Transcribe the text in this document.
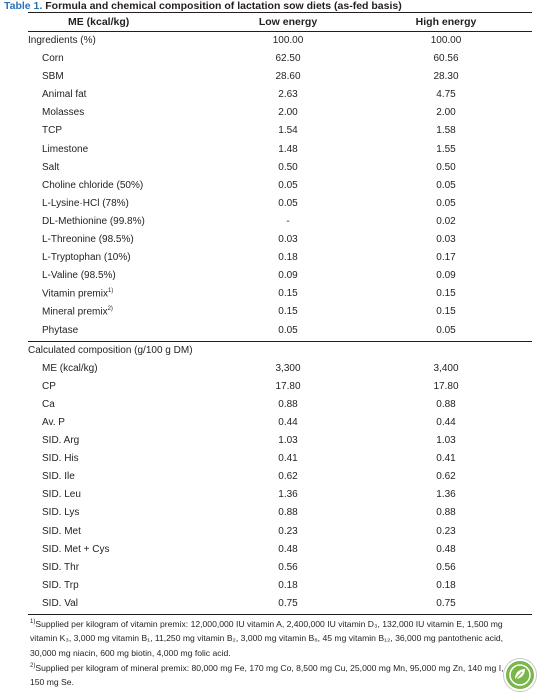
Table 1. Formula and chemical composition of lactation sow diets (as-fed basis)
ME (kcal/kg)	Low energy	High energy
Ingredients (%)	100.00	100.00
Corn	62.50	60.56
SBM	28.60	28.30
Animal fat	2.63	4.75
Molasses	2.00	2.00
TCP	1.54	1.58
Limestone	1.48	1.55
Salt	0.50	0.50
Choline chloride (50%)	0.05	0.05
L-Lysine·HCl (78%)	0.05	0.05
DL-Methionine (99.8%)	-	0.02
L-Threonine (98.5%)	0.03	0.03
L-Tryptophan (10%)	0.18	0.17
L-Valine (98.5%)	0.09	0.09
Vitamin premix$^{1)}$	0.15	0.15
Mineral premix$^{2)}$	0.15	0.15
Phytase	0.05	0.05
Calculated composition (g/100 g DM)
ME (kcal/kg)	3,300	3,400
CP	17.80	17.80
Ca	0.88	0.88
Av. P	0.44	0.44
SID. Arg	1.03	1.03
SID. His	0.41	0.41
SID. Ile	0.62	0.62
SID. Leu	1.36	1.36
SID. Lys	0.88	0.88
SID. Met	0.23	0.23
SID. Met + Cys	0.48	0.48
SID. Thr	0.56	0.56
SID. Trp	0.18	0.18
SID. Val	0.75	0.75
$^{1)}$Supplied per kilogram of vitamin premix: 12,000,000 IU vitamin A, 2,400,000 IU vitamin D₃, 132,000 IU vitamin E, 1,500 mg vitamin K₃, 3,000 mg vitamin B₁, 11,250 mg vitamin B₂, 3,000 mg vitamin B₆, 45 mg vitamin B₁₂, 36,000 mg pantothenic acid, 30,000 mg niacin, 600 mg biotin, 4,000 mg folic acid.
$^{2)}$Supplied per kilogram of mineral premix: 80,000 mg Fe, 170 mg Co, 8,500 mg Cu, 25,000 mg Mn, 95,000 mg Zn, 140 mg I, 150 mg Se.
